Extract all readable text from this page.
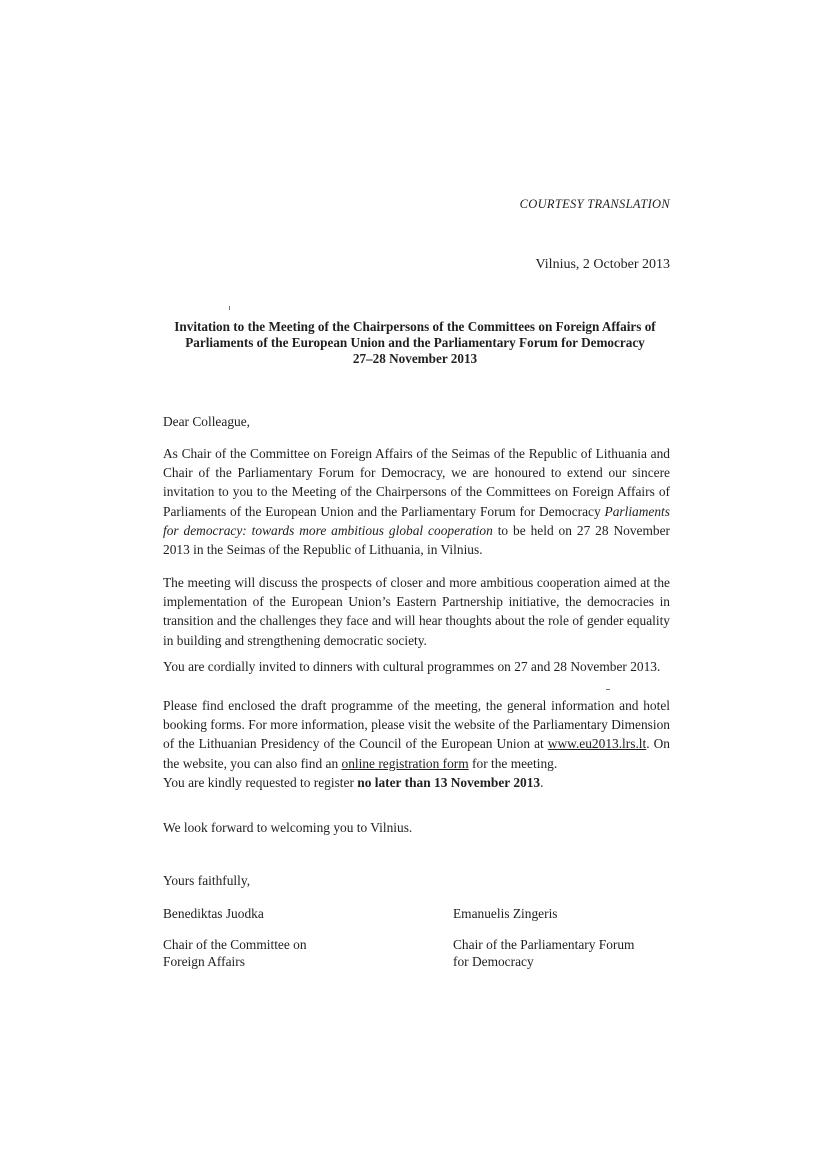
COURTESY TRANSLATION
Vilnius, 2 October 2013
Invitation to the Meeting of the Chairpersons of the Committees on Foreign Affairs of
Parliaments of the European Union and the Parliamentary Forum for Democracy
27–28 November 2013
Dear Colleague,

As Chair of the Committee on Foreign Affairs of the Seimas of the Republic of Lithuania and Chair of the Parliamentary Forum for Democracy, we are honoured to extend our sincere invitation to you to the Meeting of the Chairpersons of the Committees on Foreign Affairs of Parliaments of the European Union and the Parliamentary Forum for Democracy Parliaments for democracy: towards more ambitious global cooperation to be held on 27 28 November 2013 in the Seimas of the Republic of Lithuania, in Vilnius.

The meeting will discuss the prospects of closer and more ambitious cooperation aimed at the implementation of the European Union’s Eastern Partnership initiative, the democracies in transition and the challenges they face and will hear thoughts about the role of gender equality in building and strengthening democratic society.

You are cordially invited to dinners with cultural programmes on 27 and 28 November 2013.

Please find enclosed the draft programme of the meeting, the general information and hotel booking forms. For more information, please visit the website of the Parliamentary Dimension of the Lithuanian Presidency of the Council of the European Union at www.eu2013.lrs.lt. On the website, you can also find an online registration form for the meeting.
You are kindly requested to register no later than 13 November 2013.

We look forward to welcoming you to Vilnius.

Yours faithfully,
Benediktas Juodka
Chair of the Committee on
Foreign Affairs
Emanuelis Zingeris
Chair of the Parliamentary Forum
for Democracy
